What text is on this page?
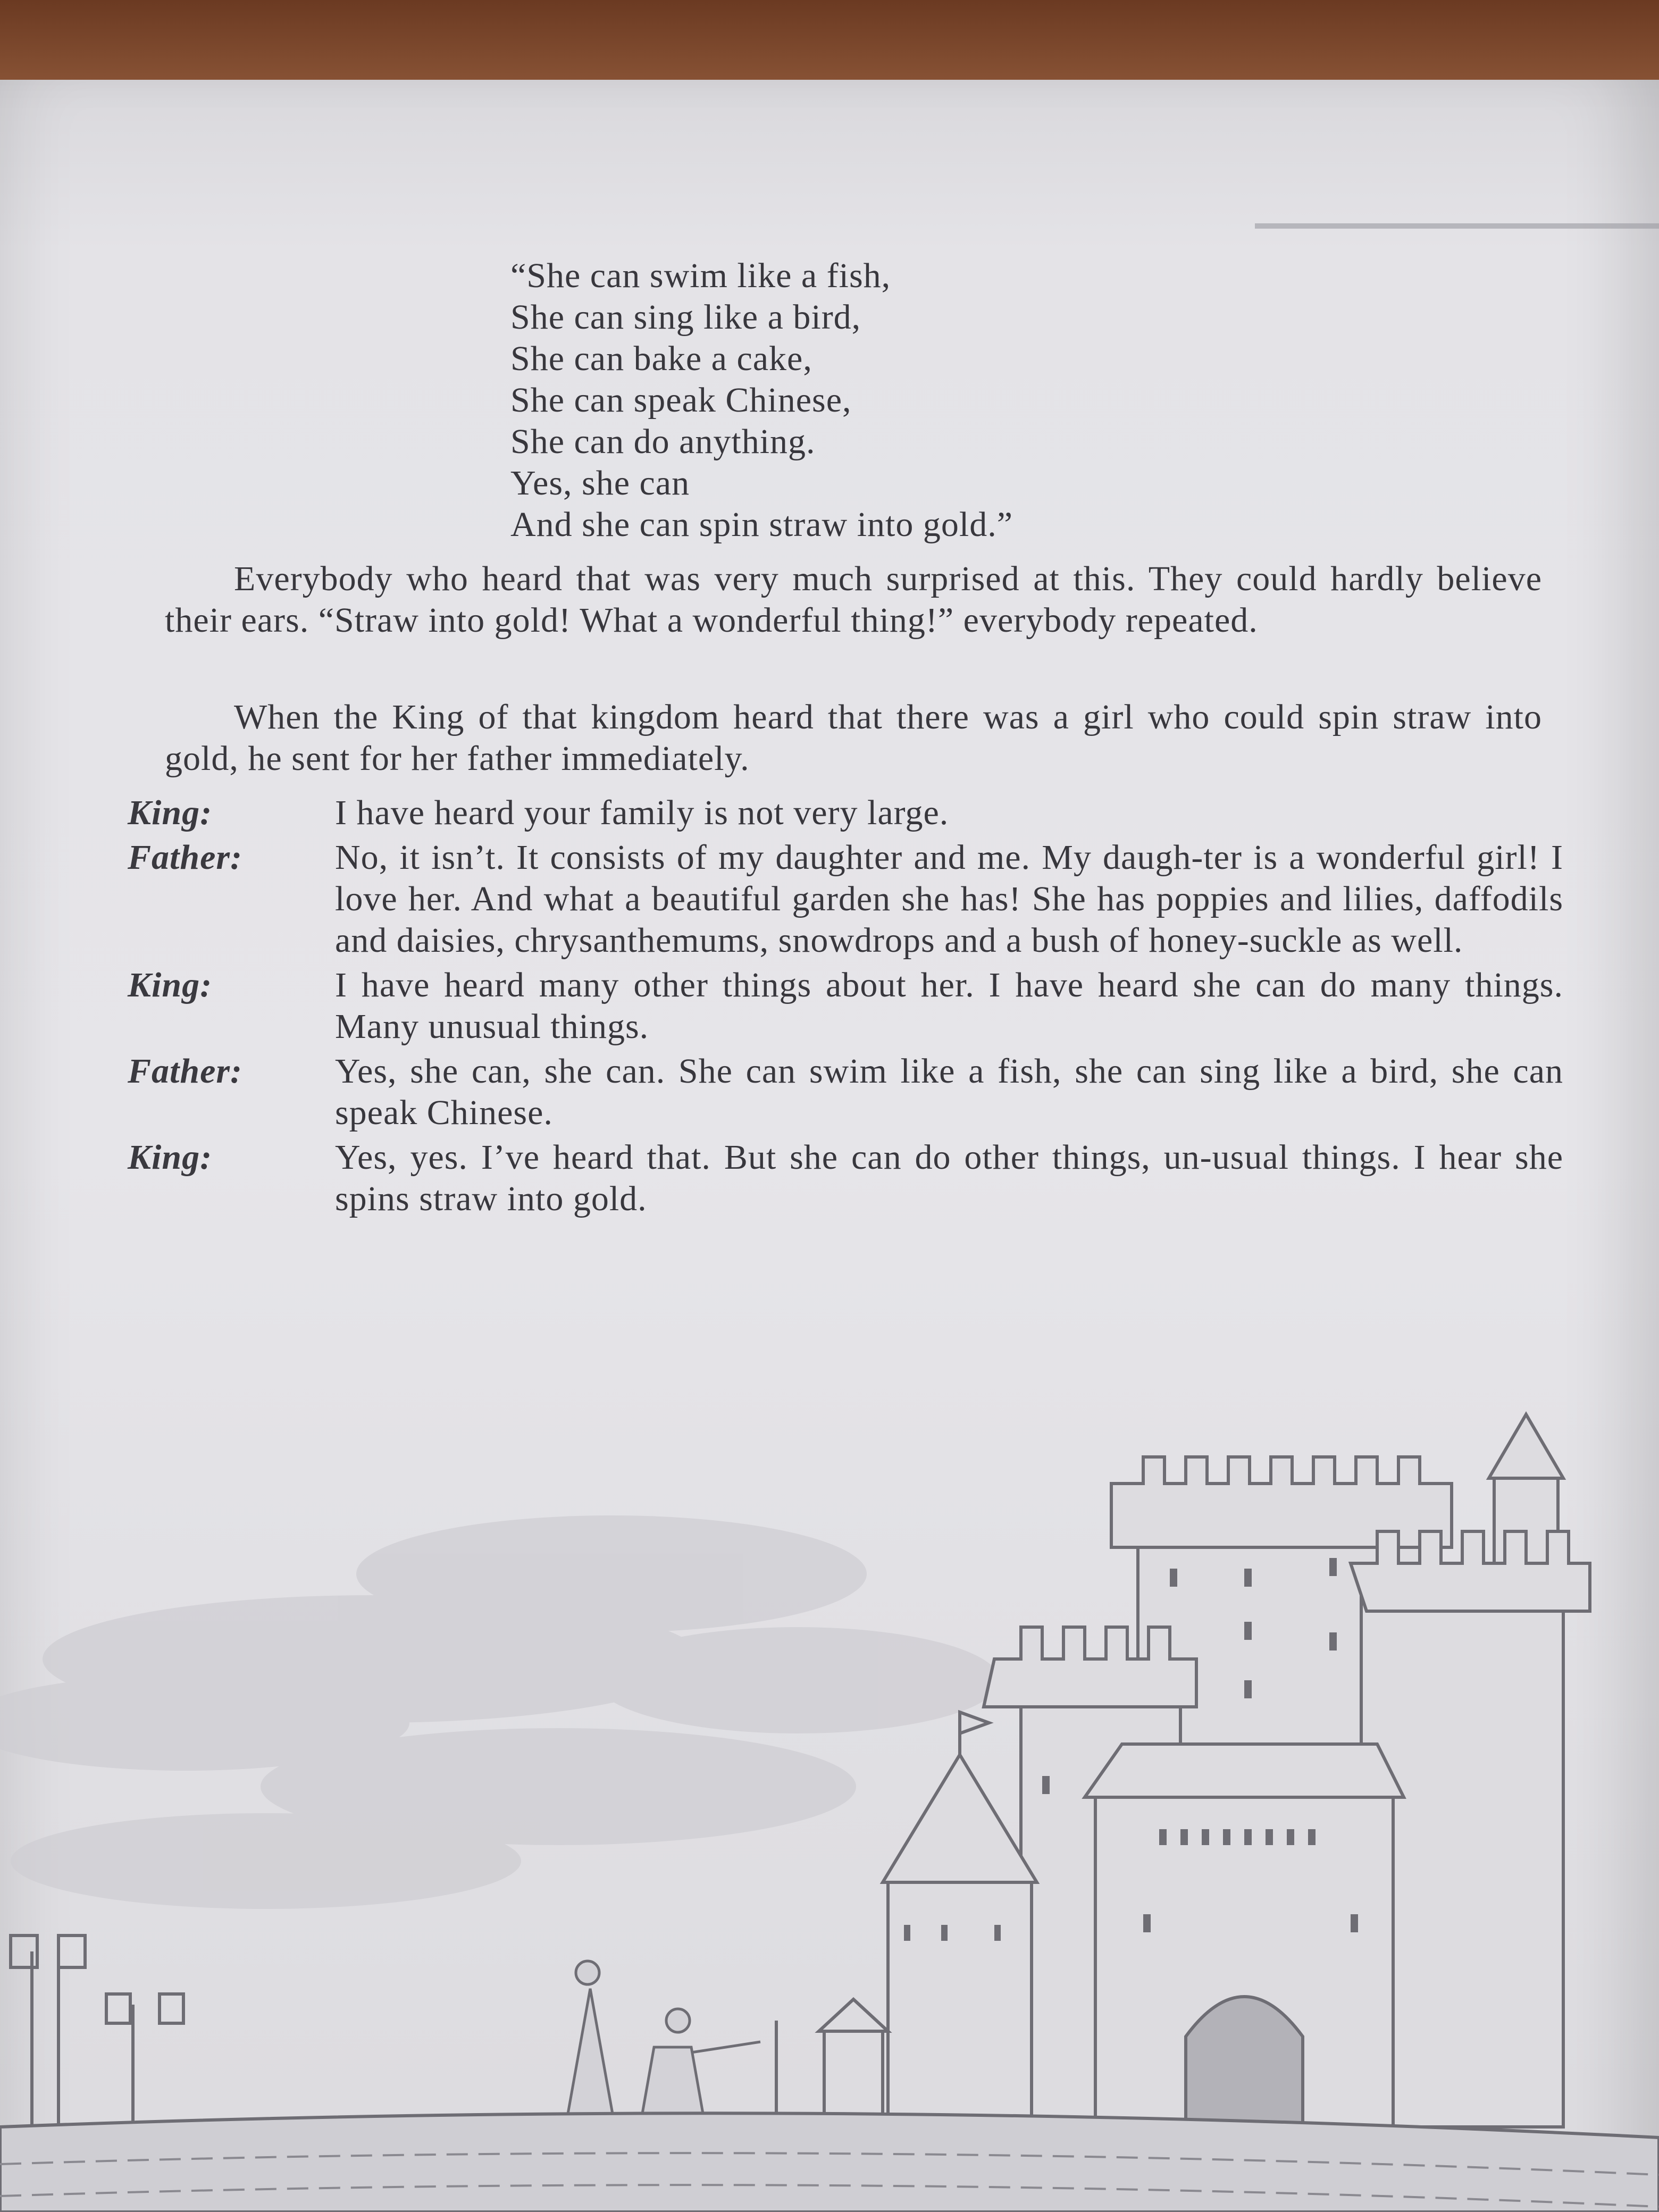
“She can swim like a fish,
She can sing like a bird,
She can bake a cake,
She can speak Chinese,
She can do anything.
Yes, she can
And she can spin straw into gold.”

Everybody who heard that was very much surprised at this. They could hardly believe their ears. “Straw into gold! What a wonderful thing!” everybody repeated.

When the King of that kingdom heard that there was a girl who could spin straw into gold, he sent for her father immediately.

King:	I have heard your family is not very large.
Father:	No, it isn’t. It consists of my daughter and me. My daugh-ter is a wonderful girl! I love her. And what a beautiful garden she has! She has poppies and lilies, daffodils and daisies, chrysanthemums, snowdrops and a bush of honey-suckle as well.
King:	I have heard many other things about her. I have heard she can do many things. Many unusual things.
Father:	Yes, she can, she can. She can swim like a fish, she can sing like a bird, she can speak Chinese.
King:	Yes, yes. I’ve heard that. But she can do other things, un-usual things. I hear she spins straw into gold.
